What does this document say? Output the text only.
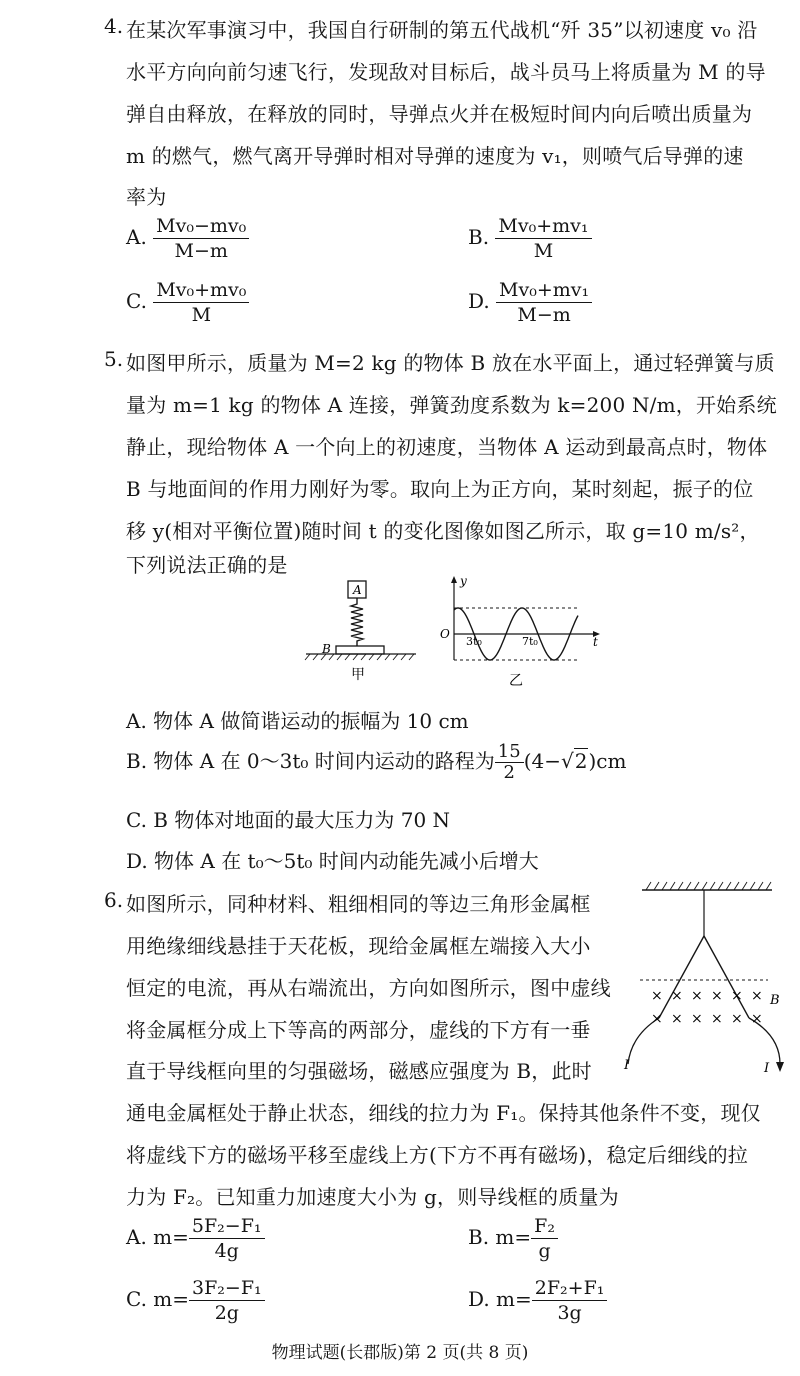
4. 在某次军事演习中，我国自行研制的第五代战机“歼 35”以初速度 v₀ 沿
水平方向向前匀速飞行，发现敌对目标后，战斗员马上将质量为 M 的导
弹自由释放，在释放的同时，导弹点火并在极短时间内向后喷出质量为
m 的燃气，燃气离开导弹时相对导弹的速度为 v₁，则喷气后导弹的速
率为
A. $\frac{\text{Mv₀−mv₀}}{M-m}$	B. $\frac{\text{Mv₀+mv₁}}{M}$
C. $\frac{\text{Mv₀+mv₀}}{M}$	D. $\frac{\text{Mv₀+mv₁}}{M-m}$
5. 如图甲所示，质量为 M=2 kg 的物体 B 放在水平面上，通过轻弹簧与质
量为 m=1 kg 的物体 A 连接，弹簧劲度系数为 k=200 N/m，开始系统
静止，现给物体 A 一个向上的初速度，当物体 A 运动到最高点时，物体
B 与地面间的作用力刚好为零。取向上为正方向，某时刻起，振子的位
移 y(相对平衡位置)随时间 t 的变化图像如图乙所示，取 g=10 m/s²，
下列说法正确的是
A
B
甲
y
t
O
3t₀	7t₀
乙
A. 物体 A 做简谐运动的振幅为 10 cm
B. 物体 A 在 0～3t₀ 时间内运动的路程为 $\frac{15}{2} (4-√2)cm$
C. B 物体对地面的最大压力为 70 N
D. 物体 A 在 t₀～5t₀ 时间内动能先减小后增大
6. 如图所示，同种材料、粗细相同的等边三角形金属框
用绝缘细线悬挂于天花板，现给金属框左端接入大小
恒定的电流，再从右端流出，方向如图所示，图中虚线
将金属框分成上下等高的两部分，虚线的下方有一垂
直于导线框向里的匀强磁场，磁感应强度为 B，此时
通电金属框处于静止状态，细线的拉力为 F₁。保持其他条件不变，现仅
将虚线下方的磁场平移至虚线上方(下方不再有磁场)，稳定后细线的拉
力为 F₂。已知重力加速度大小为 g，则导线框的质量为
× × × × × ×
× × × × × ×
B
I	I
A. $m= \frac{\text{5F₂−F₁}}{4g}$	B. $m= \frac{\text{F₂}}{g}$
C. $m= \frac{\text{3F₂−F₁}}{2g}$	D. $m= \frac{\text{2F₂+F₁}}{3g}$
物理试题(长郡版)第 2 页(共 8 页)
